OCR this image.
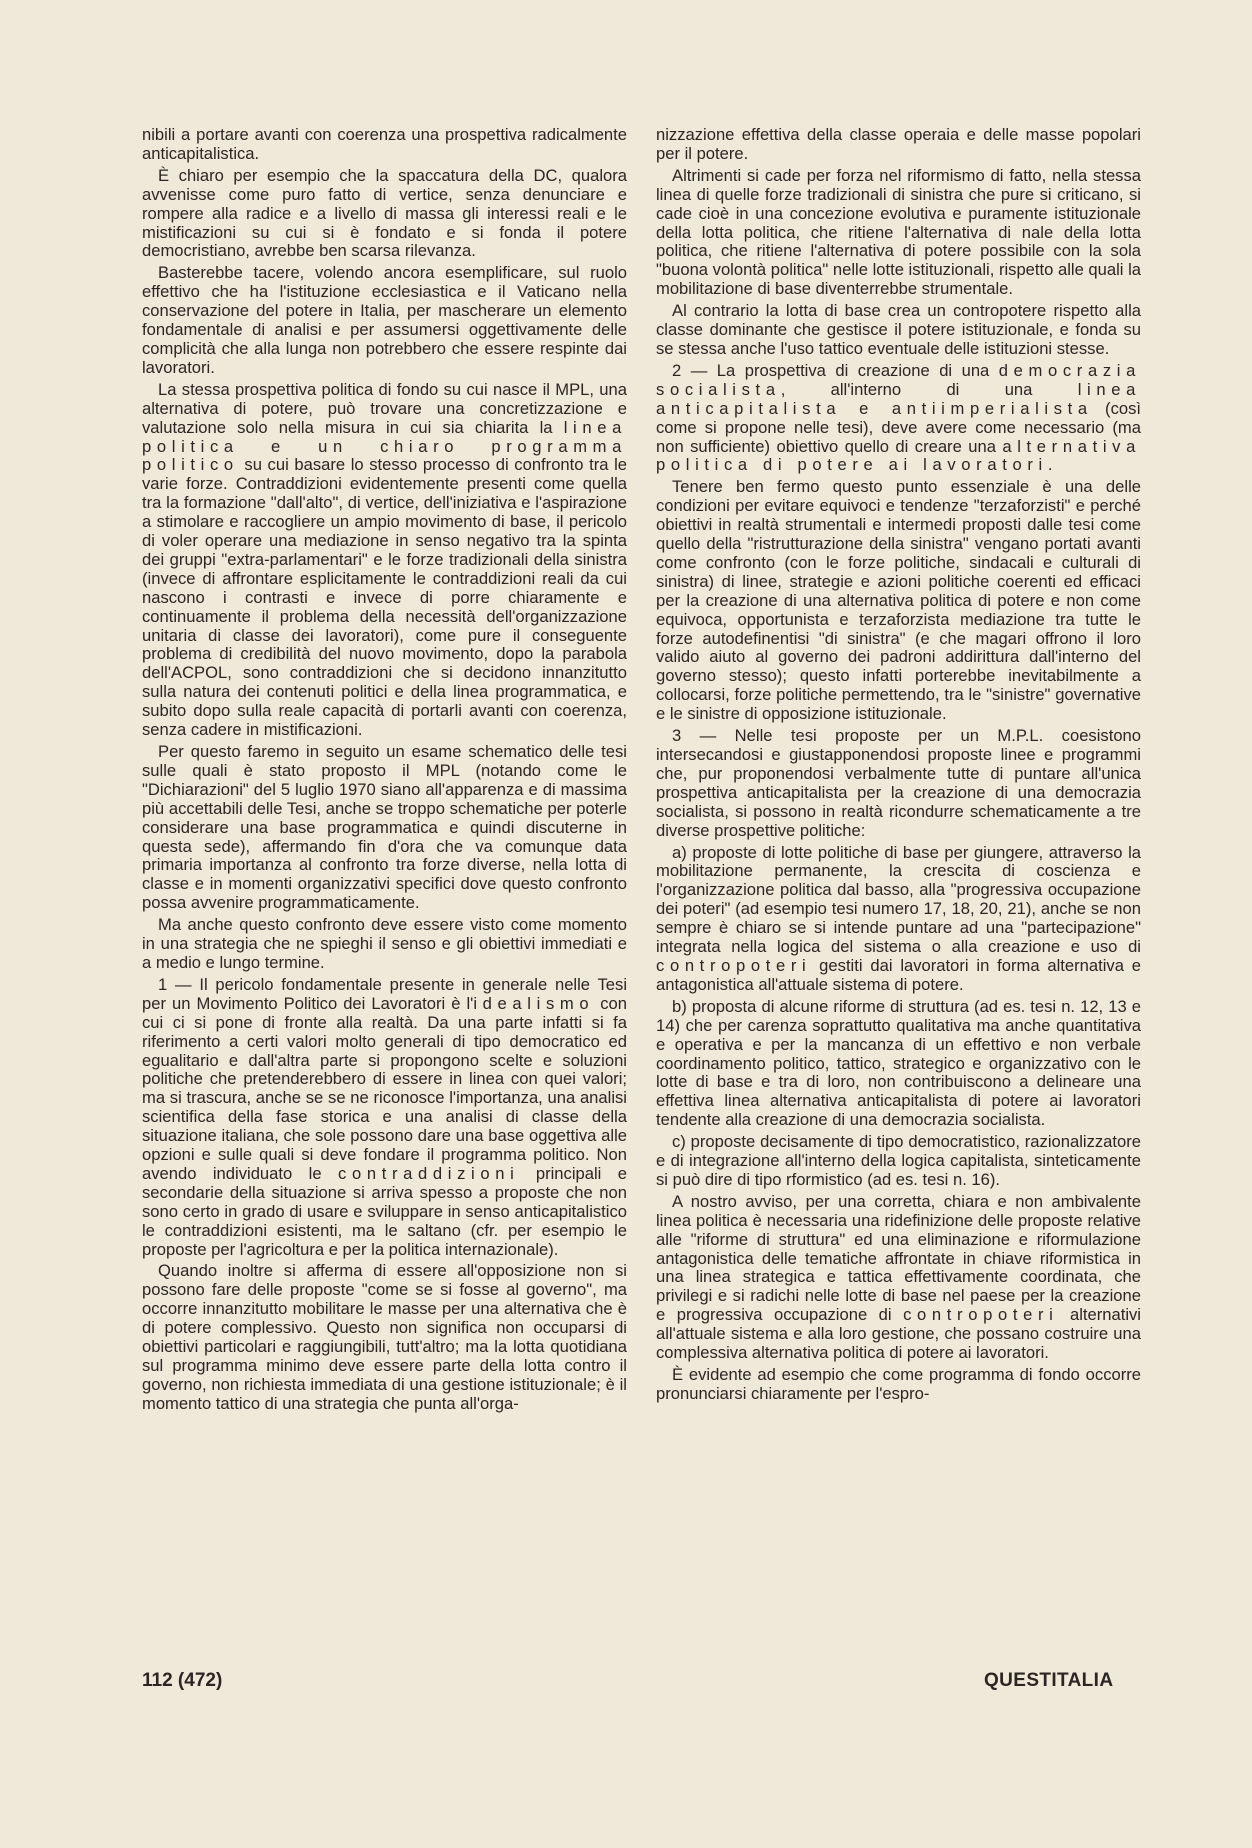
nibili a portare avanti con coerenza una prospettiva radicalmente anticapitalistica.

È chiaro per esempio che la spaccatura della DC, qualora avvenisse come puro fatto di vertice, senza denunciare e rompere alla radice e a livello di massa gli interessi reali e le mistificazioni su cui si è fondato e si fonda il potere democristiano, avrebbe ben scarsa rilevanza.

Basterebbe tacere, volendo ancora esemplificare, sul ruolo effettivo che ha l'istituzione ecclesiastica e il Vaticano nella conservazione del potere in Italia, per mascherare un elemento fondamentale di analisi e per assumersi oggettivamente delle complicità che alla lunga non potrebbero che essere respinte dai lavoratori.

La stessa prospettiva politica di fondo su cui nasce il MPL, una alternativa di potere, può trovare una concretizzazione e valutazione solo nella misura in cui sia chiarita la linea politica e un chiaro programma politico su cui basare lo stesso processo di confronto tra le varie forze. Contraddizioni evidentemente presenti come quella tra la formazione "dall'alto", di vertice, dell'iniziativa e l'aspirazione a stimolare e raccogliere un ampio movimento di base, il pericolo di voler operare una mediazione in senso negativo tra la spinta dei gruppi "extra-parlamentari" e le forze tradizionali della sinistra (invece di affrontare esplicitamente le contraddizioni reali da cui nascono i contrasti e invece di porre chiaramente e continuamente il problema della necessità dell'organizzazione unitaria di classe dei lavoratori), come pure il conseguente problema di credibilità del nuovo movimento, dopo la parabola dell'ACPOL, sono contraddizioni che si decidono innanzitutto sulla natura dei contenuti politici e della linea programmatica, e subito dopo sulla reale capacità di portarli avanti con coerenza, senza cadere in mistificazioni.

Per questo faremo in seguito un esame schematico delle tesi sulle quali è stato proposto il MPL (notando come le "Dichiarazioni" del 5 luglio 1970 siano all'apparenza e di massima più accettabili delle Tesi, anche se troppo schematiche per poterle considerare una base programmatica e quindi discuterne in questa sede), affermando fin d'ora che va comunque data primaria importanza al confronto tra forze diverse, nella lotta di classe e in momenti organizzativi specifici dove questo confronto possa avvenire programmaticamente.

Ma anche questo confronto deve essere visto come momento in una strategia che ne spieghi il senso e gli obiettivi immediati e a medio e lungo termine.

1 — Il pericolo fondamentale presente in generale nelle Tesi per un Movimento Politico dei Lavoratori è l'idealismo con cui ci si pone di fronte alla realtà. Da una parte infatti si fa riferimento a certi valori molto generali di tipo democratico ed egualitario e dall'altra parte si propongono scelte e soluzioni politiche che pretenderebbero di essere in linea con quei valori; ma si trascura, anche se se ne riconosce l'importanza, una analisi scientifica della fase storica e una analisi di classe della situazione italiana, che sole possono dare una base oggettiva alle opzioni e sulle quali si deve fondare il programma politico. Non avendo individuato le contraddizioni principali e secondarie della situazione si arriva spesso a proposte che non sono certo in grado di usare e sviluppare in senso anticapitalistico le contraddizioni esistenti, ma le saltano (cfr. per esempio le proposte per l'agricoltura e per la politica internazionale).

Quando inoltre si afferma di essere all'opposizione non si possono fare delle proposte "come se si fosse al governo", ma occorre innanzitutto mobilitare le masse per una alternativa che è di potere complessivo. Questo non significa non occuparsi di obiettivi particolari e raggiungibili, tutt'altro; ma la lotta quotidiana sul programma minimo deve essere parte della lotta contro il governo, non richiesta immediata di una gestione istituzionale; è il momento tattico di una strategia che punta all'orga-

nizzazione effettiva della classe operaia e delle masse popolari per il potere.

Altrimenti si cade per forza nel riformismo di fatto, nella stessa linea di quelle forze tradizionali di sinistra che pure si criticano, si cade cioè in una concezione evolutiva e puramente istituzionale della lotta politica, che ritiene l'alternativa di nale della lotta politica, che ritiene l'alternativa di potere possibile con la sola "buona volontà politica" nelle lotte istituzionali, rispetto alle quali la mobilitazione di base diventerrebbe strumentale.

Al contrario la lotta di base crea un contropotere rispetto alla classe dominante che gestisce il potere istituzionale, e fonda su se stessa anche l'uso tattico eventuale delle istituzioni stesse.

2 — La prospettiva di creazione di una democrazia socialista, all'interno di una linea anticapitalista e antiimperialista (così come si propone nelle tesi), deve avere come necessario (ma non sufficiente) obiettivo quello di creare una alternativa politica di potere ai lavoratori.

Tenere ben fermo questo punto essenziale è una delle condizioni per evitare equivoci e tendenze "terzaforzisti" e perché obiettivi in realtà strumentali e intermedi proposti dalle tesi come quello della "ristrutturazione della sinistra" vengano portati avanti come confronto (con le forze politiche, sindacali e culturali di sinistra) di linee, strategie e azioni politiche coerenti ed efficaci per la creazione di una alternativa politica di potere e non come equivoca, opportunista e terzaforzista mediazione tra tutte le forze autodefinentisi "di sinistra" (e che magari offrono il loro valido aiuto al governo dei padroni addirittura dall'interno del governo stesso); questo infatti porterebbe inevitabilmente a collocarsi, forze politiche permettendo, tra le "sinistre" governative e le sinistre di opposizione istituzionale.

3 — Nelle tesi proposte per un M.P.L. coesistono intersecandosi e giustapponendosi proposte linee e programmi che, pur proponendosi verbalmente tutte di puntare all'unica prospettiva anticapitalista per la creazione di una democrazia socialista, si possono in realtà ricondurre schematicamente a tre diverse prospettive politiche:

a) proposte di lotte politiche di base per giungere, attraverso la mobilitazione permanente, la crescita di coscienza e l'organizzazione politica dal basso, alla "progressiva occupazione dei poteri" (ad esempio tesi numero 17, 18, 20, 21), anche se non sempre è chiaro se si intende puntare ad una "partecipazione" integrata nella logica del sistema o alla creazione e uso di contropoteri gestiti dai lavoratori in forma alternativa e antagonistica all'attuale sistema di potere.

b) proposta di alcune riforme di struttura (ad es. tesi n. 12, 13 e 14) che per carenza soprattutto qualitativa ma anche quantitativa e operativa e per la mancanza di un effettivo e non verbale coordinamento politico, tattico, strategico e organizzativo con le lotte di base e tra di loro, non contribuiscono a delineare una effettiva linea alternativa anticapitalista di potere ai lavoratori tendente alla creazione di una democrazia socialista.

c) proposte decisamente di tipo democratistico, razionalizzatore e di integrazione all'interno della logica capitalista, sinteticamente si può dire di tipo rformistico (ad es. tesi n. 16).

A nostro avviso, per una corretta, chiara e non ambivalente linea politica è necessaria una ridefinizione delle proposte relative alle "riforme di struttura" ed una eliminazione e riformulazione antagonistica delle tematiche affrontate in chiave riformistica in una linea strategica e tattica effettivamente coordinata, che privilegi e si radichi nelle lotte di base nel paese per la creazione e progressiva occupazione di contropoteri alternativi all'attuale sistema e alla loro gestione, che possano costruire una complessiva alternativa politica di potere ai lavoratori.

È evidente ad esempio che come programma di fondo occorre pronunciarsi chiaramente per l'espro-

112 (472)	QUESTITALIA
